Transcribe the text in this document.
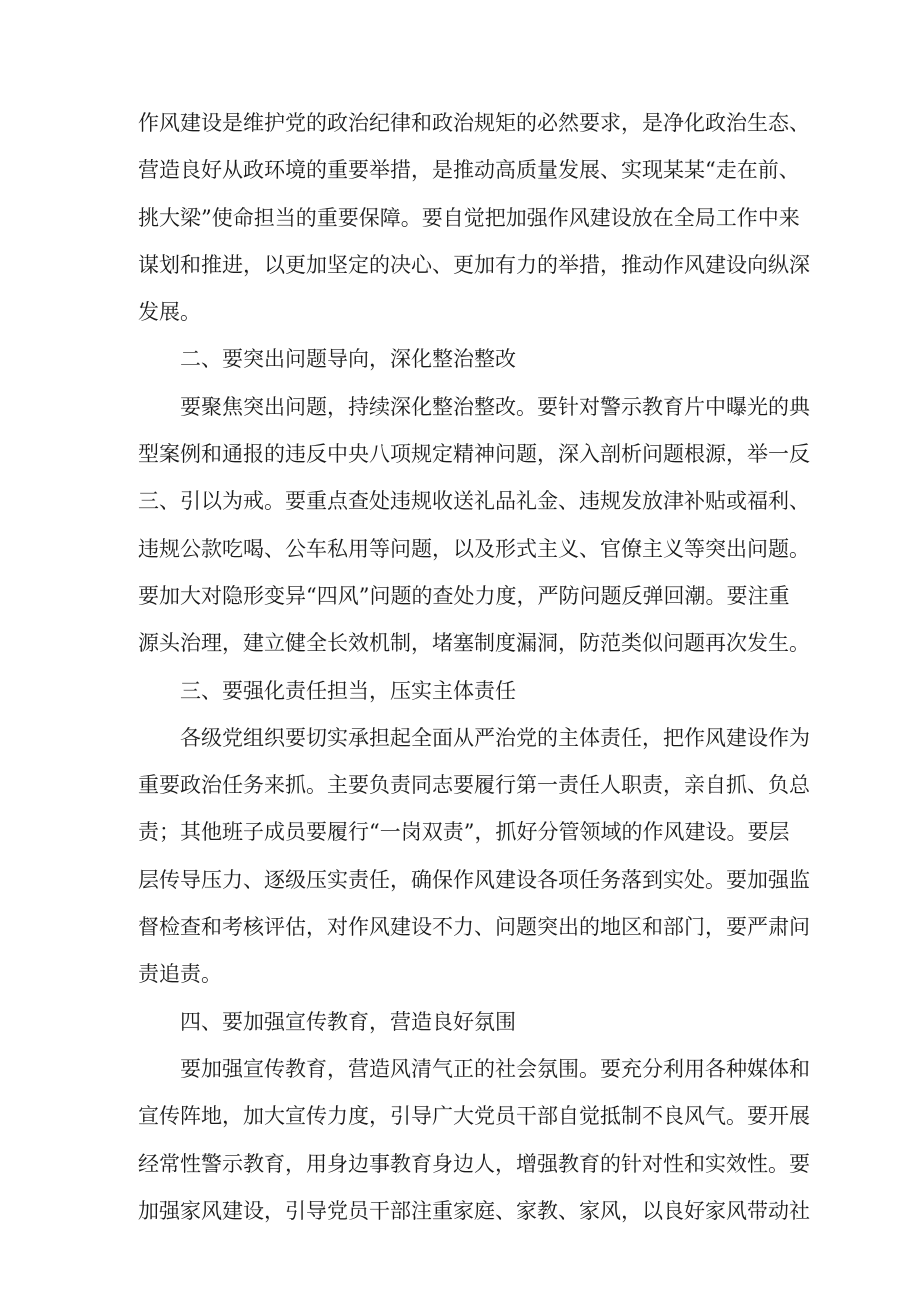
作风建设是维护党的政治纪律和政治规矩的必然要求，是净化政治生态、
营造良好从政环境的重要举措，是推动高质量发展、实现某某“走在前、
挑大梁”使命担当的重要保障。要自觉把加强作风建设放在全局工作中来
谋划和推进，以更加坚定的决心、更加有力的举措，推动作风建设向纵深
发展。
二、要突出问题导向，深化整治整改
要聚焦突出问题，持续深化整治整改。要针对警示教育片中曝光的典
型案例和通报的违反中央八项规定精神问题，深入剖析问题根源，举一反
三、引以为戒。要重点查处违规收送礼品礼金、违规发放津补贴或福利、
违规公款吃喝、公车私用等问题，以及形式主义、官僚主义等突出问题。
要加大对隐形变异“四风”问题的查处力度，严防问题反弹回潮。要注重
源头治理，建立健全长效机制，堵塞制度漏洞，防范类似问题再次发生。
三、要强化责任担当，压实主体责任
各级党组织要切实承担起全面从严治党的主体责任，把作风建设作为
重要政治任务来抓。主要负责同志要履行第一责任人职责，亲自抓、负总
责；其他班子成员要履行“一岗双责”，抓好分管领域的作风建设。要层
层传导压力、逐级压实责任，确保作风建设各项任务落到实处。要加强监
督检查和考核评估，对作风建设不力、问题突出的地区和部门，要严肃问
责追责。
四、要加强宣传教育，营造良好氛围
要加强宣传教育，营造风清气正的社会氛围。要充分利用各种媒体和
宣传阵地，加大宣传力度，引导广大党员干部自觉抵制不良风气。要开展
经常性警示教育，用身边事教育身边人，增强教育的针对性和实效性。要
加强家风建设，引导党员干部注重家庭、家教、家风，以良好家风带动社
